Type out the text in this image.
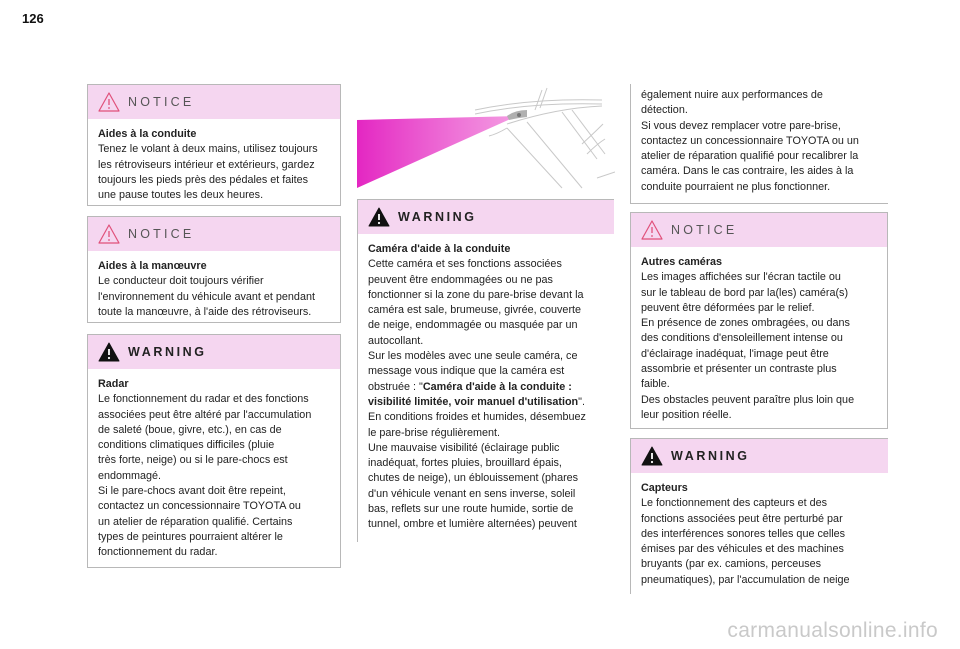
126
NOTICE

Aides à la conduite

Tenez le volant à deux mains, utilisez toujours

les rétroviseurs intérieur et extérieurs, gardez

toujours les pieds près des pédales et faites

une pause toutes les deux heures.

NOTICE

Aides à la manœuvre

Le conducteur doit toujours vérifier

l'environnement du véhicule avant et pendant

toute la manœuvre, à l'aide des rétroviseurs.

WARNING

Radar

Le fonctionnement du radar et des fonctions

associées peut être altéré par l'accumulation

de saleté (boue, givre, etc.), en cas de

conditions climatiques difficiles (pluie

très forte, neige) ou si le pare-chocs est

endommagé.

Si le pare-chocs avant doit être repeint,

contactez un concessionnaire TOYOTA ou

un atelier de réparation qualifié. Certains

types de peintures pourraient altérer le

fonctionnement du radar.

WARNING

Caméra d'aide à la conduite

Cette caméra et ses fonctions associées

peuvent être endommagées ou ne pas

fonctionner si la zone du pare-brise devant la

caméra est sale, brumeuse, givrée, couverte

de neige, endommagée ou masquée par un

autocollant.

Sur les modèles avec une seule caméra, ce

message vous indique que la caméra est

obstruée : "Caméra d'aide à la conduite :

visibilité limitée, voir manuel d'utilisation".

En conditions froides et humides, désembuez

le pare-brise régulièrement.

Une mauvaise visibilité (éclairage public

inadéquat, fortes pluies, brouillard épais,

chutes de neige), un éblouissement (phares

d'un véhicule venant en sens inverse, soleil

bas, reflets sur une route humide, sortie de

tunnel, ombre et lumière alternées) peuvent

également nuire aux performances de

détection.

Si vous devez remplacer votre pare-brise,

contactez un concessionnaire TOYOTA ou un

atelier de réparation qualifié pour recalibrer la

caméra. Dans le cas contraire, les aides à la

conduite pourraient ne plus fonctionner.

NOTICE

Autres caméras

Les images affichées sur l'écran tactile ou

sur le tableau de bord par la(les) caméra(s)

peuvent être déformées par le relief.

En présence de zones ombragées, ou dans

des conditions d'ensoleillement intense ou

d'éclairage inadéquat, l'image peut être

assombrie et présenter un contraste plus

faible.

Des obstacles peuvent paraître plus loin que

leur position réelle.

WARNING

Capteurs

Le fonctionnement des capteurs et des

fonctions associées peut être perturbé par

des interférences sonores telles que celles

émises par des véhicules et des machines

bruyants (par ex. camions, perceuses

pneumatiques), par l'accumulation de neige

carmanualsonline.info
